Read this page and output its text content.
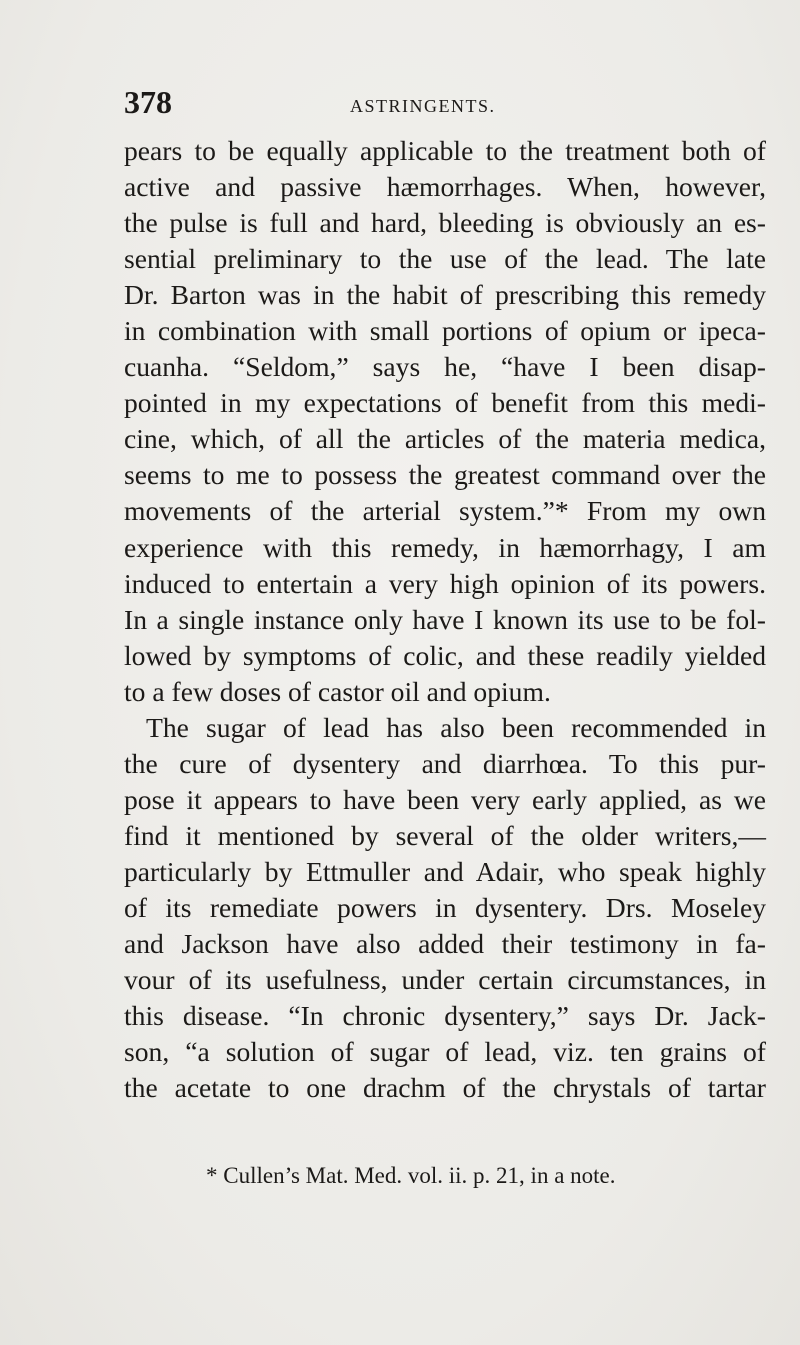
378	ASTRINGENTS.
pears to be equally applicable to the treatment both of
active and passive hæmorrhages. When, however,
the pulse is full and hard, bleeding is obviously an es-
sential preliminary to the use of the lead. The late
Dr. Barton was in the habit of prescribing this remedy
in combination with small portions of opium or ipeca-
cuanha. “Seldom,” says he, “have I been disap-
pointed in my expectations of benefit from this medi-
cine, which, of all the articles of the materia medica,
seems to me to possess the greatest command over the
movements of the arterial system.”* From my own
experience with this remedy, in hæmorrhagy, I am
induced to entertain a very high opinion of its powers.
In a single instance only have I known its use to be fol-
lowed by symptoms of colic, and these readily yielded
to a few doses of castor oil and opium.
The sugar of lead has also been recommended in
the cure of dysentery and diarrhœa. To this pur-
pose it appears to have been very early applied, as we
find it mentioned by several of the older writers,—
particularly by Ettmuller and Adair, who speak highly
of its remediate powers in dysentery. Drs. Moseley
and Jackson have also added their testimony in fa-
vour of its usefulness, under certain circumstances, in
this disease. “In chronic dysentery,” says Dr. Jack-
son, “a solution of sugar of lead, viz. ten grains of
the acetate to one drachm of the chrystals of tartar
* Cullen’s Mat. Med. vol. ii. p. 21, in a note.
